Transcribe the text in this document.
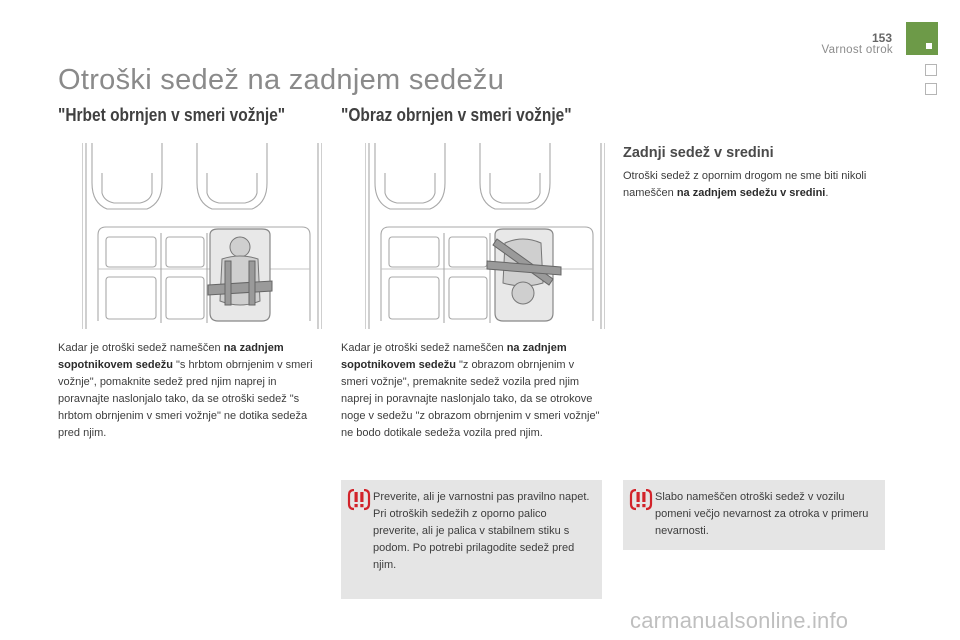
153
Varnost otrok
Otroški sedež na zadnjem sedežu
"Hrbet obrnjen v smeri vožnje"	"Obraz obrnjen v smeri vožnje"
Zadnji sedež v sredini
Kadar je otroški sedež nameščen na zadnjem sopotnikovem sedežu "s hrbtom obrnjenim v smeri vožnje", pomaknite sedež pred njim naprej in poravnajte naslonjalo tako, da se otroški sedež "s hrbtom obrnjenim v smeri vožnje" ne dotika sedeža pred njim.
Kadar je otroški sedež nameščen na zadnjem sopotnikovem sedežu "z obrazom obrnjenim v smeri vožnje", premaknite sedež vozila pred njim naprej in poravnajte naslonjalo tako, da se otrokove noge v sedežu "z obrazom obrnjenim v smeri vožnje" ne bodo dotikale sedeža vozila pred njim.
Otroški sedež z opornim drogom ne sme biti nikoli nameščen na zadnjem sedežu v sredini.
Preverite, ali je varnostni pas pravilno napet.
Pri otroških sedežih z oporno palico preverite, ali je palica v stabilnem stiku s podom. Po potrebi prilagodite sedež pred njim.
Slabo nameščen otroški sedež v vozilu pomeni večjo nevarnost za otroka v primeru nevarnosti.
carmanualsonline.info
